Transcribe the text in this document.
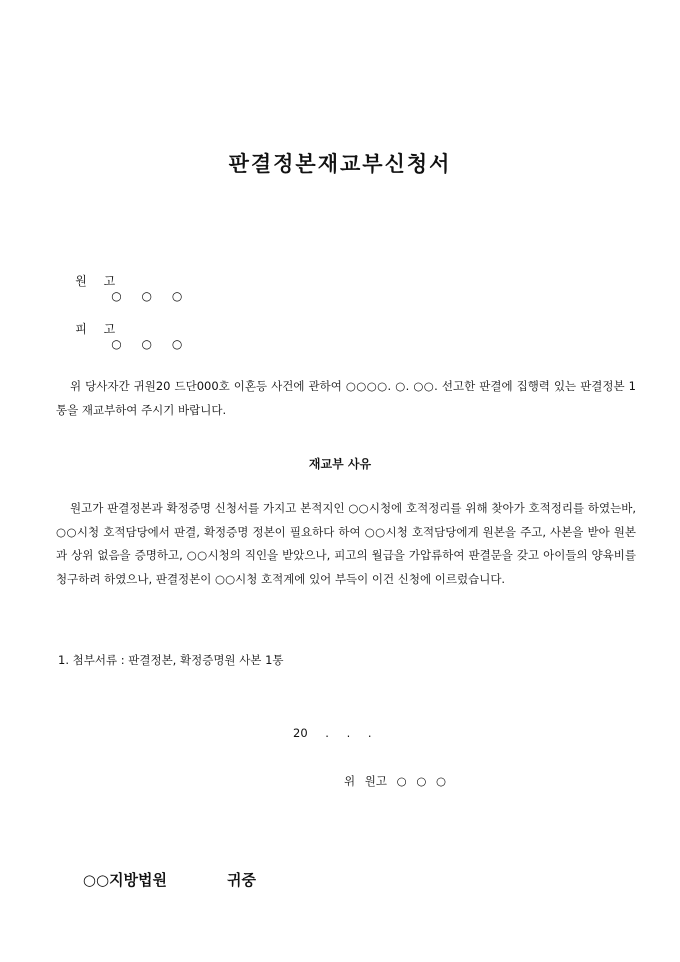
판결정본재교부신청서

원 고
○ ○ ○

피 고
○ ○ ○

위 당사자간 귀원20 드단000호 이혼등 사건에 관하여 ○○○○. ○. ○○. 선고한 판결에 집행력 있는 판결정본 1통을 재교부하여 주시기 바랍니다.
재교부 사유
원고가 판결정본과 확정증명 신청서를 가지고 본적지인 ○○시청에 호적정리를 위해 찾아가 호적정리를 하였는바, ○○시청 호적담당에서 판결, 확정증명 정본이 필요하다 하여 ○○시청 호적담당에게 원본을 주고, 사본을 받아 원본과 상위 없음을 증명하고, ○○시청의 직인을 받았으나, 피고의 월급을 가압류하여 판결문을 갖고 아이들의 양육비를 청구하려 하였으나, 판결정본이 ○○시청 호적계에 있어 부득이 이건 신청에 이르렀습니다.
1. 첨부서류 : 판결정본, 확정증명원 사본 1통
20 . . .
위 원고 ○ ○ ○

○○지방법원	귀중
